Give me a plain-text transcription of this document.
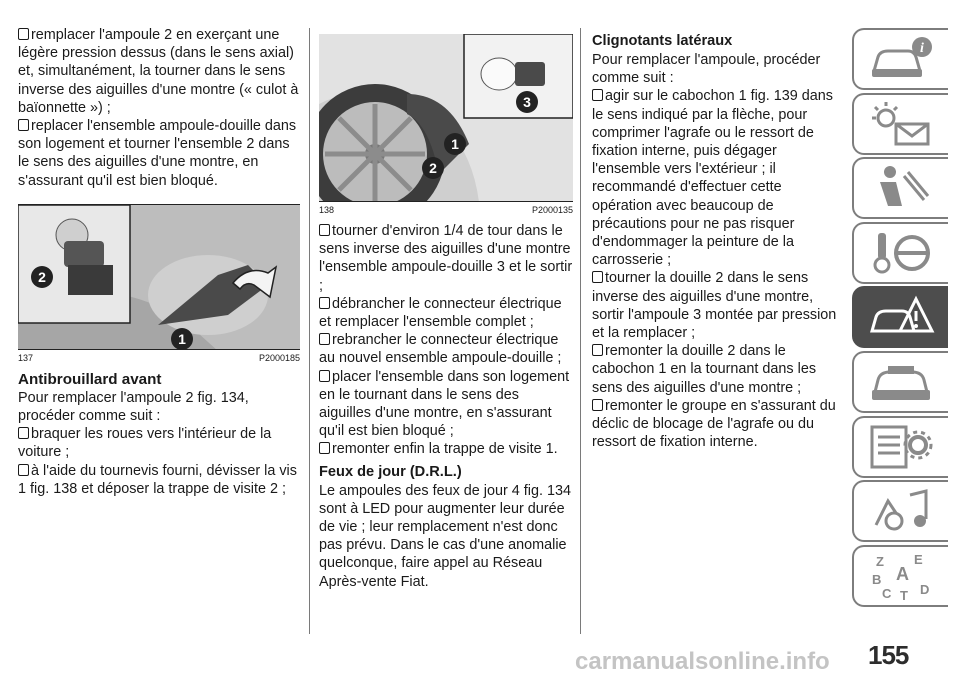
remplacer l'ampoule 2 en exerçant une légère pression dessus (dans le sens axial) et, simultanément, la tourner dans le sens inverse des aiguilles d'une montre (« culot à baïonnette ») ;

replacer l'ensemble ampoule-douille dans son logement et tourner l'ensemble 2 dans le sens des aiguilles d'une montre, en s'assurant qu'il est bien bloqué.

2
1
137	P2000185
Antibrouillard avant

Pour remplacer l'ampoule 2 fig. 134, procéder comme suit :

braquer les roues vers l'intérieur de la voiture ;

à l'aide du tournevis fourni, dévisser la vis 1 fig. 138 et déposer la trappe de visite 2 ;

3
1
2
138	P2000135

tourner d'environ 1/4 de tour dans le sens inverse des aiguilles d'une montre l'ensemble ampoule-douille 3 et le sortir ;

débrancher le connecteur électrique et remplacer l'ensemble complet ;

rebrancher le connecteur électrique au nouvel ensemble ampoule-douille ;

placer l'ensemble dans son logement en le tournant dans le sens des aiguilles d'une montre, en s'assurant qu'il est bien bloqué ;

remonter enfin la trappe de visite 1.

Feux de jour (D.R.L.)

Le ampoules des feux de jour 4 fig. 134 sont à LED pour augmenter leur durée de vie ; leur remplacement n'est donc pas prévu. Dans le cas d'une anomalie quelconque, faire appel au Réseau Après-vente Fiat.

Clignotants latéraux

Pour remplacer l'ampoule, procéder comme suit :

agir sur le cabochon 1 fig. 139 dans le sens indiqué par la flèche, pour comprimer l'agrafe ou le ressort de fixation interne, puis dégager l'ensemble vers l'extérieur ; il recommandé d'effectuer cette opération avec beaucoup de précautions pour ne pas risquer d'endommager la peinture de la carrosserie ;

tourner la douille 2 dans le sens inverse des aiguilles d'une montre, sortir l'ampoule 3 montée par pression et la remplacer ;

remonter la douille 2 dans le cabochon 1 en la tournant dans les sens des aiguilles d'une montre ;

remonter le groupe en s'assurant du déclic de blocage de l'agrafe ou du ressort de fixation interne.

i
Z E
A
B
C D
T
carmanualsonline.info 155
